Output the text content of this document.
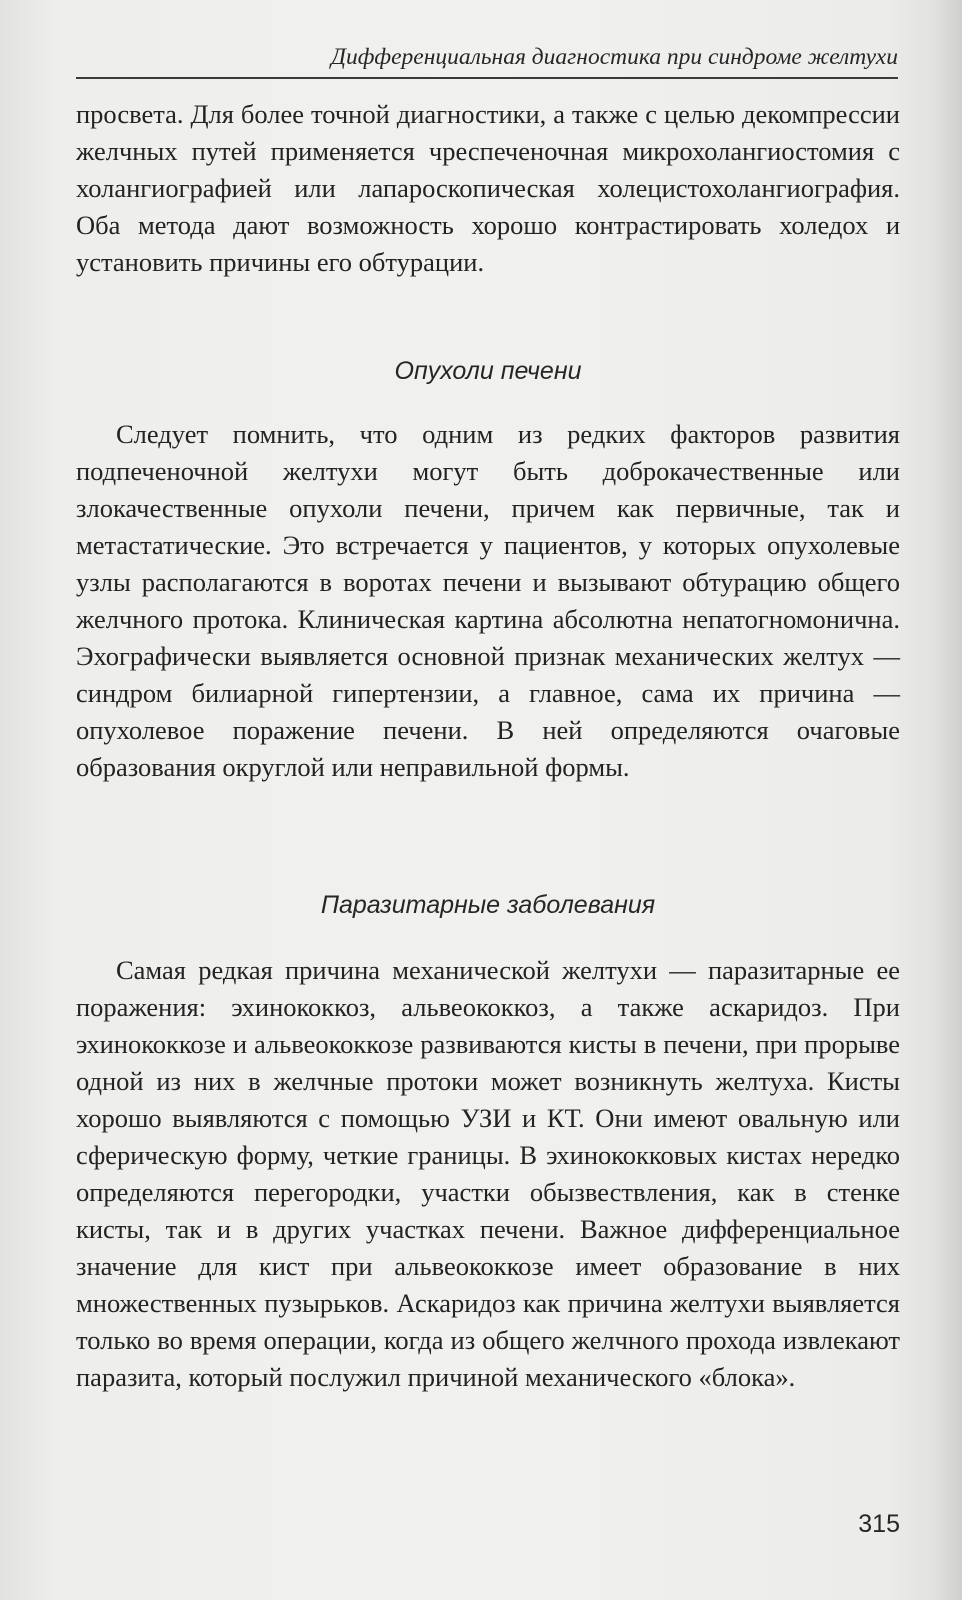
Дифференциальная диагностика при синдроме желтухи

просвета. Для более точной диагностики, а также с целью декомпрессии желчных путей применяется чреспеченочная микрохолангиостомия с холангиографией или лапароскопическая холецистохолангиография. Оба метода дают возможность хорошо контрастировать холедох и установить причины его обтурации.

Опухоли печени

Следует помнить, что одним из редких факторов развития подпеченочной желтухи могут быть доброкачественные или злокачественные опухоли печени, причем как первичные, так и метастатические. Это встречается у пациентов, у которых опухолевые узлы располагаются в воротах печени и вызывают обтурацию общего желчного протока. Клиническая картина абсолютна непатогномонична. Эхографически выявляется основной признак механических желтух — синдром билиарной гипертензии, а главное, сама их причина — опухолевое поражение печени. В ней определяются очаговые образования округлой или неправильной формы.

Паразитарные заболевания

Самая редкая причина механической желтухи — паразитарные ее поражения: эхинококкоз, альвеококкоз, а также аскаридоз. При эхинококкозе и альвеококкозе развиваются кисты в печени, при прорыве одной из них в желчные протоки может возникнуть желтуха. Кисты хорошо выявляются с помощью УЗИ и КТ. Они имеют овальную или сферическую форму, четкие границы. В эхинококковых кистах нередко определяются перегородки, участки обызвествления, как в стенке кисты, так и в других участках печени. Важное дифференциальное значение для кист при альвеококкозе имеет образование в них множественных пузырьков. Аскаридоз как причина желтухи выявляется только во время операции, когда из общего желчного прохода извлекают паразита, который послужил причиной механического «блока».

315
